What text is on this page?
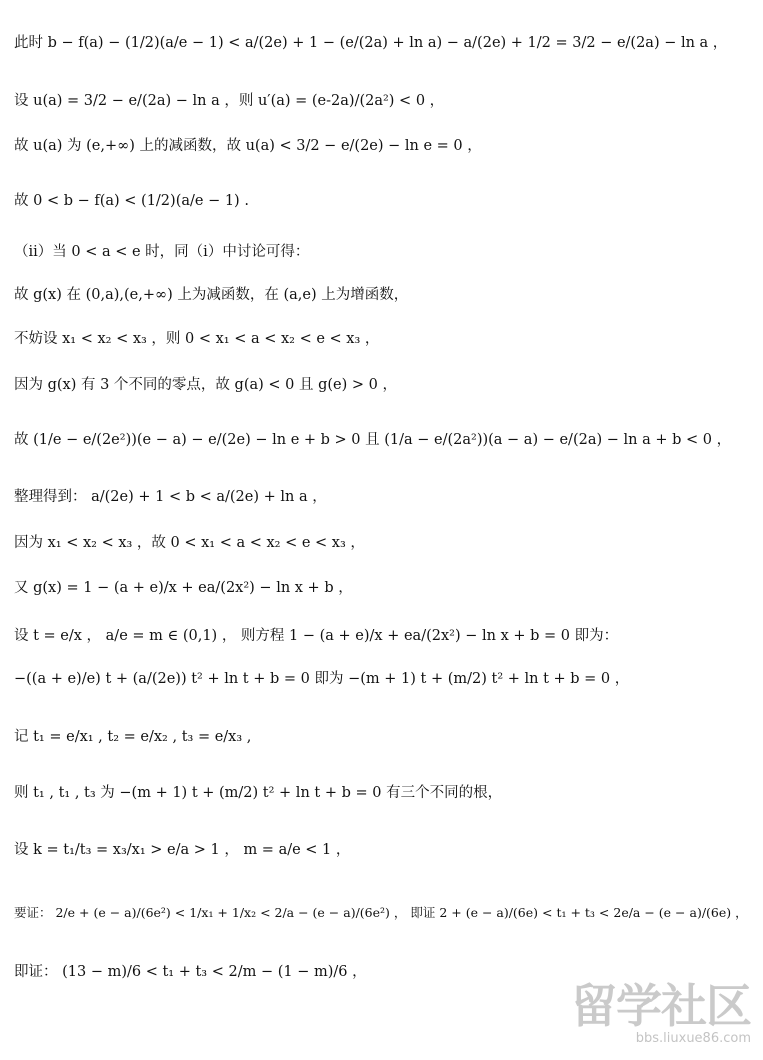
此时 b − f(a) − (1/2)(a/e − 1) < a/(2e) + 1 − (e/(2a) + ln a) − a/(2e) + 1/2 = 3/2 − e/(2a) − ln a ，
设 u(a) = 3/2 − e/(2a) − ln a ，则 u′(a) = (e-2a)/(2a²) < 0 ，
故 u(a) 为 (e,+∞) 上的减函数，故 u(a) < 3/2 − e/(2e) − ln e = 0 ，
故 0 < b − f(a) < (1/2)(a/e − 1) .
（ii）当 0 < a < e 时，同（i）中讨论可得：
故 g(x) 在 (0,a),(e,+∞) 上为减函数，在 (a,e) 上为增函数，
不妨设 x₁ < x₂ < x₃ ，则 0 < x₁ < a < x₂ < e < x₃ ，
因为 g(x) 有 3 个不同的零点，故 g(a) < 0 且 g(e) > 0 ，
故 (1/e − e/(2e²))(e − a) − e/(2e) − ln e + b > 0 且 (1/a − e/(2a²))(a − a) − e/(2a) − ln a + b < 0 ，
整理得到： a/(2e) + 1 < b < a/(2e) + ln a ，
因为 x₁ < x₂ < x₃ ，故 0 < x₁ < a < x₂ < e < x₃ ，
又 g(x) = 1 − (a + e)/x + ea/(2x²) − ln x + b ，
设 t = e/x ， a/e = m ∈ (0,1) ， 则方程 1 − (a + e)/x + ea/(2x²) − ln x + b = 0 即为：
−((a + e)/e) t + (a/(2e)) t² + ln t + b = 0 即为 −(m + 1) t + (m/2) t² + ln t + b = 0 ，
记 t₁ = e/x₁ , t₂ = e/x₂ , t₃ = e/x₃ ,
则 t₁ , t₁ , t₃ 为 −(m + 1) t + (m/2) t² + ln t + b = 0 有三个不同的根，
设 k = t₁/t₃ = x₃/x₁ > e/a > 1 ， m = a/e < 1 ，
要证： 2/e + (e − a)/(6e²) < 1/x₁ + 1/x₂ < 2/a − (e − a)/(6e²) ， 即证 2 + (e − a)/(6e) < t₁ + t₃ < 2e/a − (e − a)/(6e) ，
即证： (13 − m)/6 < t₁ + t₃ < 2/m − (1 − m)/6 ，
留学社区
bbs.liuxue86.com
